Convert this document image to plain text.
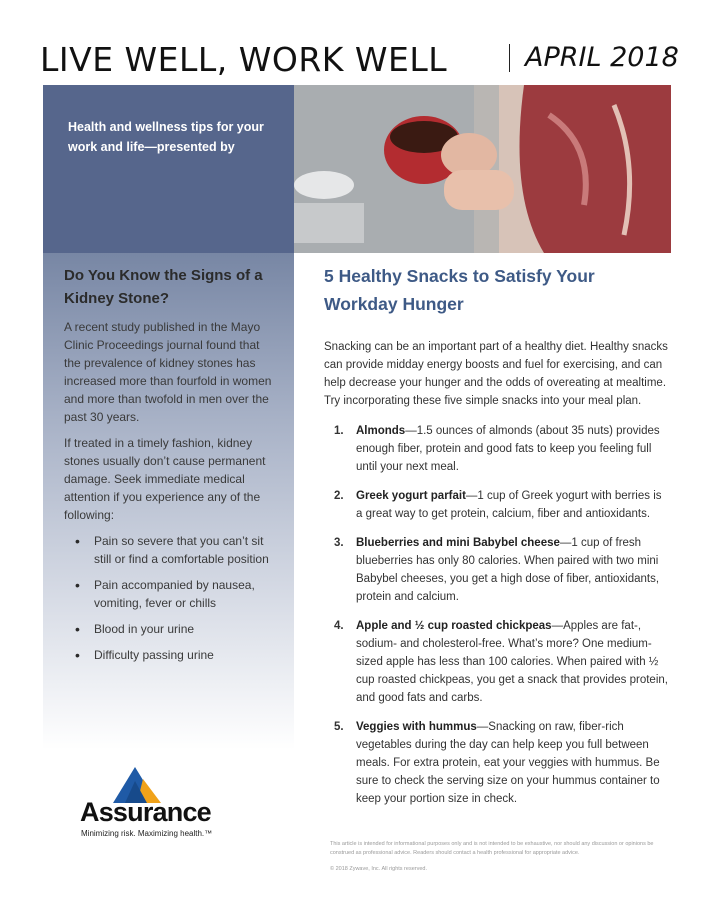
LIVE WELL, WORK WELL	APRIL 2018
Health and wellness tips for your work and life—presented by
Do You Know the Signs of a Kidney Stone?

A recent study published in the Mayo Clinic Proceedings journal found that the prevalence of kidney stones has increased more than fourfold in women and more than twofold in men over the past 30 years.

If treated in a timely fashion, kidney stones usually don’t cause permanent damage. Seek immediate medical attention if you experience any of the following:

• Pain so severe that you can’t sit still or find a comfortable position
• Pain accompanied by nausea, vomiting, fever or chills
• Blood in your urine
• Difficulty passing urine
5 Healthy Snacks to Satisfy Your Workday Hunger

Snacking can be an important part of a healthy diet. Healthy snacks can provide midday energy boosts and fuel for exercising, and can help decrease your hunger and the odds of overeating at mealtime. Try incorporating these five simple snacks into your meal plan.

1. Almonds—1.5 ounces of almonds (about 35 nuts) provides enough fiber, protein and good fats to keep you feeling full until your next meal.
2. Greek yogurt parfait—1 cup of Greek yogurt with berries is a great way to get protein, calcium, fiber and antioxidants.
3. Blueberries and mini Babybel cheese—1 cup of fresh blueberries has only 80 calories. When paired with two mini Babybel cheeses, you get a high dose of fiber, antioxidants, protein and calcium.
4. Apple and ½ cup roasted chickpeas—Apples are fat-, sodium- and cholesterol-free. What’s more? One medium-sized apple has less than 100 calories. When paired with ½ cup roasted chickpeas, you get a snack that provides protein, and good fats and carbs.
5. Veggies with hummus—Snacking on raw, fiber-rich vegetables during the day can help keep you full between meals. For extra protein, eat your veggies with hummus. Be sure to check the serving size on your hummus container to keep your portion size in check.
Assurance
Minimizing risk. Maximizing health.™
This article is intended for informational purposes only and is not intended to be exhaustive, nor should any discussion or opinions be construed as professional advice. Readers should contact a health professional for appropriate advice.
© 2018 Zywave, Inc. All rights reserved.
